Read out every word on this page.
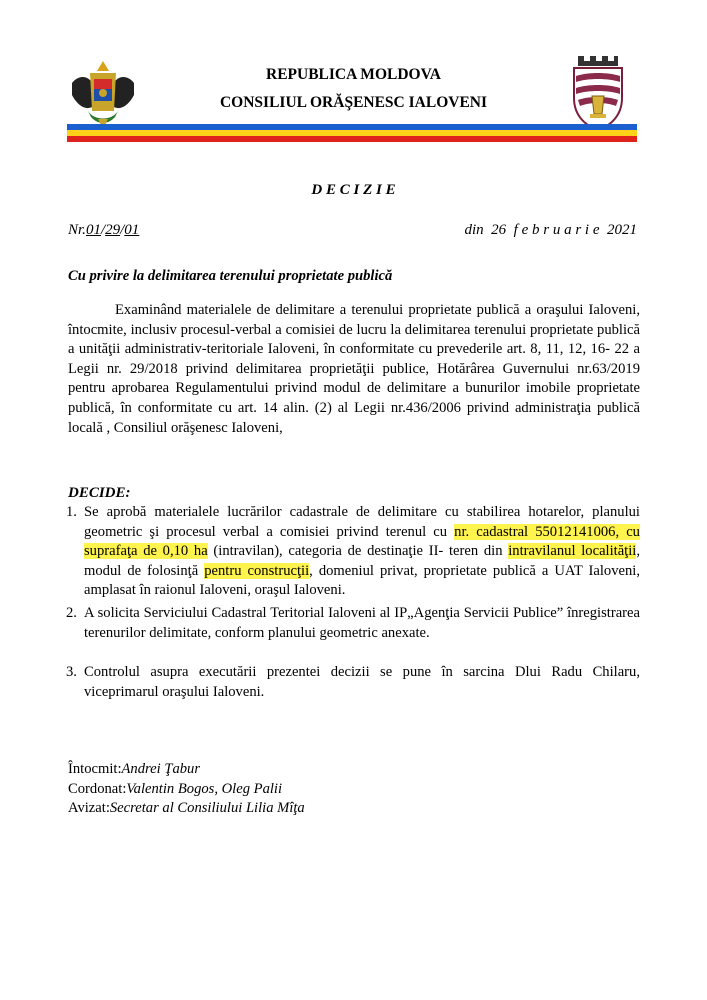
REPUBLICA MOLDOVA
CONSILIUL ORĂŞENESC IALOVENI
D E C I Z I E
Nr.01/29/01	din  26  f e b r u a r i e  2021
Cu privire la delimitarea terenului proprietate publică
Examinând materialele de delimitare a terenului proprietate publică a oraşului Ialoveni, întocmite, inclusiv procesul-verbal a comisiei de lucru la delimitarea terenului proprietate publică a unităţii administrativ-teritoriale Ialoveni, în conformitate cu prevederile art. 8, 11, 12, 16- 22 a Legii nr. 29/2018 privind delimitarea proprietăţii publice, Hotărârea Guvernului nr.63/2019 pentru aprobarea Regulamentului privind modul de delimitare a bunurilor imobile proprietate publică, în conformitate cu art. 14 alin. (2) al Legii nr.436/2006 privind administraţia publică locală , Consiliul orăşenesc Ialoveni,
DECIDE:
1. Se aprobă materialele lucrărilor cadastrale de delimitare cu stabilirea hotarelor, planului geometric şi procesul verbal a comisiei privind terenul cu nr. cadastral 55012141006, cu suprafaţa de 0,10 ha (intravilan), categoria de destinaţie II- teren din intravilanul localităţii, modul de folosinţă pentru construcţii, domeniul privat, proprietate publică a UAT Ialoveni, amplasat în raionul Ialoveni, oraşul Ialoveni.
2. A solicita Serviciului Cadastral Teritorial Ialoveni al IP„Agenţia Servicii Publice” înregistrarea terenurilor delimitate, conform planului geometric anexate.
3. Controlul asupra executării prezentei decizii se pune în sarcina Dlui Radu Chilaru, viceprimarul oraşului Ialoveni.
Întocmit:Andrei Ţabur
Cordonat:Valentin Bogos, Oleg Palii
Avizat:Secretar al Consiliului Lilia Mîţa
